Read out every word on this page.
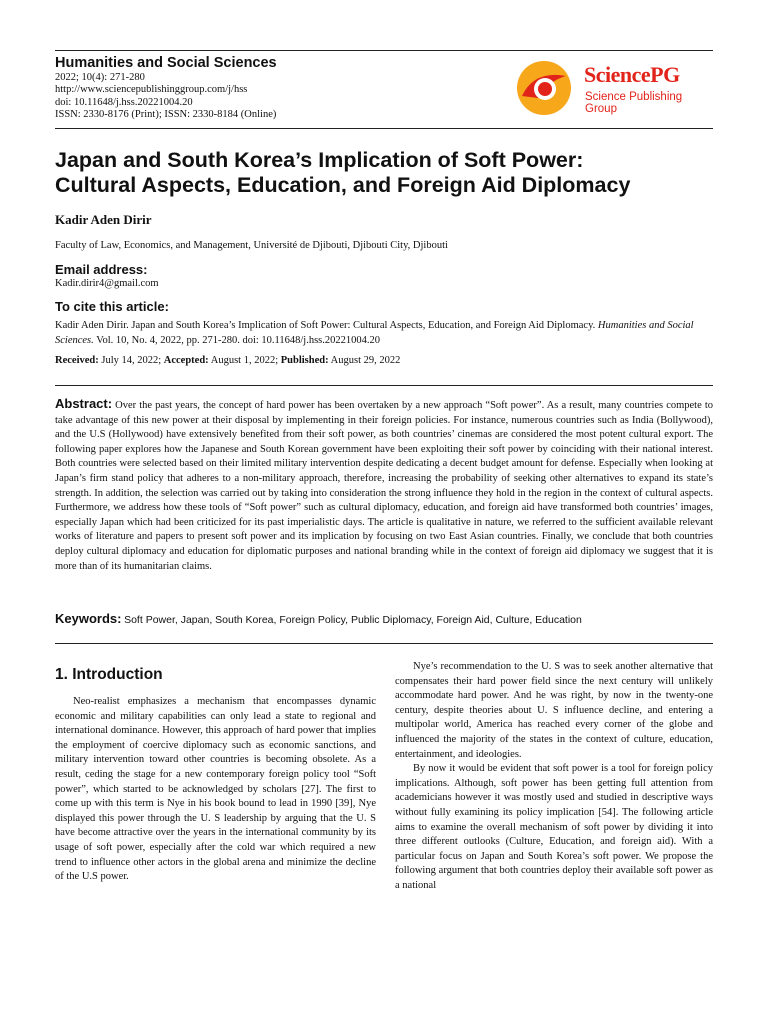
Humanities and Social Sciences
2022; 10(4): 271-280
http://www.sciencepublishinggroup.com/j/hss
doi: 10.11648/j.hss.20221004.20
ISSN: 2330-8176 (Print); ISSN: 2330-8184 (Online)
SciencePG
Science Publishing Group
Japan and South Korea’s Implication of Soft Power:
Cultural Aspects, Education, and Foreign Aid Diplomacy
Kadir Aden Dirir
Faculty of Law, Economics, and Management, Université de Djibouti, Djibouti City, Djibouti
Email address:
Kadir.dirir4@gmail.com
To cite this article:
Kadir Aden Dirir. Japan and South Korea’s Implication of Soft Power: Cultural Aspects, Education, and Foreign Aid Diplomacy. Humanities and Social Sciences. Vol. 10, No. 4, 2022, pp. 271-280. doi: 10.11648/j.hss.20221004.20
Received: July 14, 2022; Accepted: August 1, 2022; Published: August 29, 2022
Abstract: Over the past years, the concept of hard power has been overtaken by a new approach “Soft power”. As a result, many countries compete to take advantage of this new power at their disposal by implementing in their foreign policies. For instance, numerous countries such as India (Bollywood), and the U.S (Hollywood) have extensively benefited from their soft power, as both countries’ cinemas are considered the most potent cultural export. The following paper explores how the Japanese and South Korean government have been exploiting their soft power by coinciding with their national interest. Both countries were selected based on their limited military intervention despite dedicating a decent budget amount for defense. Especially when looking at Japan’s firm stand policy that adheres to a non-military approach, therefore, increasing the probability of seeking other alternatives to expand its state’s strength. In addition, the selection was carried out by taking into consideration the strong influence they hold in the region in the context of cultural aspects. Furthermore, we address how these tools of “Soft power” such as cultural diplomacy, education, and foreign aid have transformed both countries’ images, especially Japan which had been criticized for its past imperialistic days. The article is qualitative in nature, we referred to the sufficient available relevant works of literature and papers to present soft power and its implication by focusing on two East Asian countries. Finally, we conclude that both countries deploy cultural diplomacy and education for diplomatic purposes and national branding while in the context of foreign aid diplomacy we suggest that it is more than of its humanitarian claims.
Keywords: Soft Power, Japan, South Korea, Foreign Policy, Public Diplomacy, Foreign Aid, Culture, Education
1. Introduction

Neo-realist emphasizes a mechanism that encompasses dynamic economic and military capabilities can only lead a state to regional and international dominance. However, this approach of hard power that implies the employment of coercive diplomacy such as economic sanctions, and military intervention toward other countries is becoming obsolete. As a result, ceding the stage for a new contemporary foreign policy tool “Soft power”, which started to be acknowledged by scholars [27]. The first to come up with this term is Nye in his book bound to lead in 1990 [39], Nye displayed this power through the U. S leadership by arguing that the U. S have become attractive over the years in the international community by its usage of soft power, especially after the cold war which required a new trend to influence other actors in the global arena and minimize the decline of the U.S power.

Nye’s recommendation to the U. S was to seek another alternative that compensates their hard power field since the next century will unlikely accommodate hard power. And he was right, by now in the twenty-one century, despite theories about U. S influence decline, and entering a multipolar world, America has reached every corner of the globe and influenced the majority of the states in the context of culture, education, entertainment, and ideologies.

By now it would be evident that soft power is a tool for foreign policy implications. Although, soft power has been getting full attention from academicians however it was mostly used and studied in descriptive ways without fully examining its policy implication [54]. The following article aims to examine the overall mechanism of soft power by dividing it into three different outlooks (Culture, Education, and foreign aid). With a particular focus on Japan and South Korea’s soft power. We propose the following argument that both countries deploy their available soft power as a national
